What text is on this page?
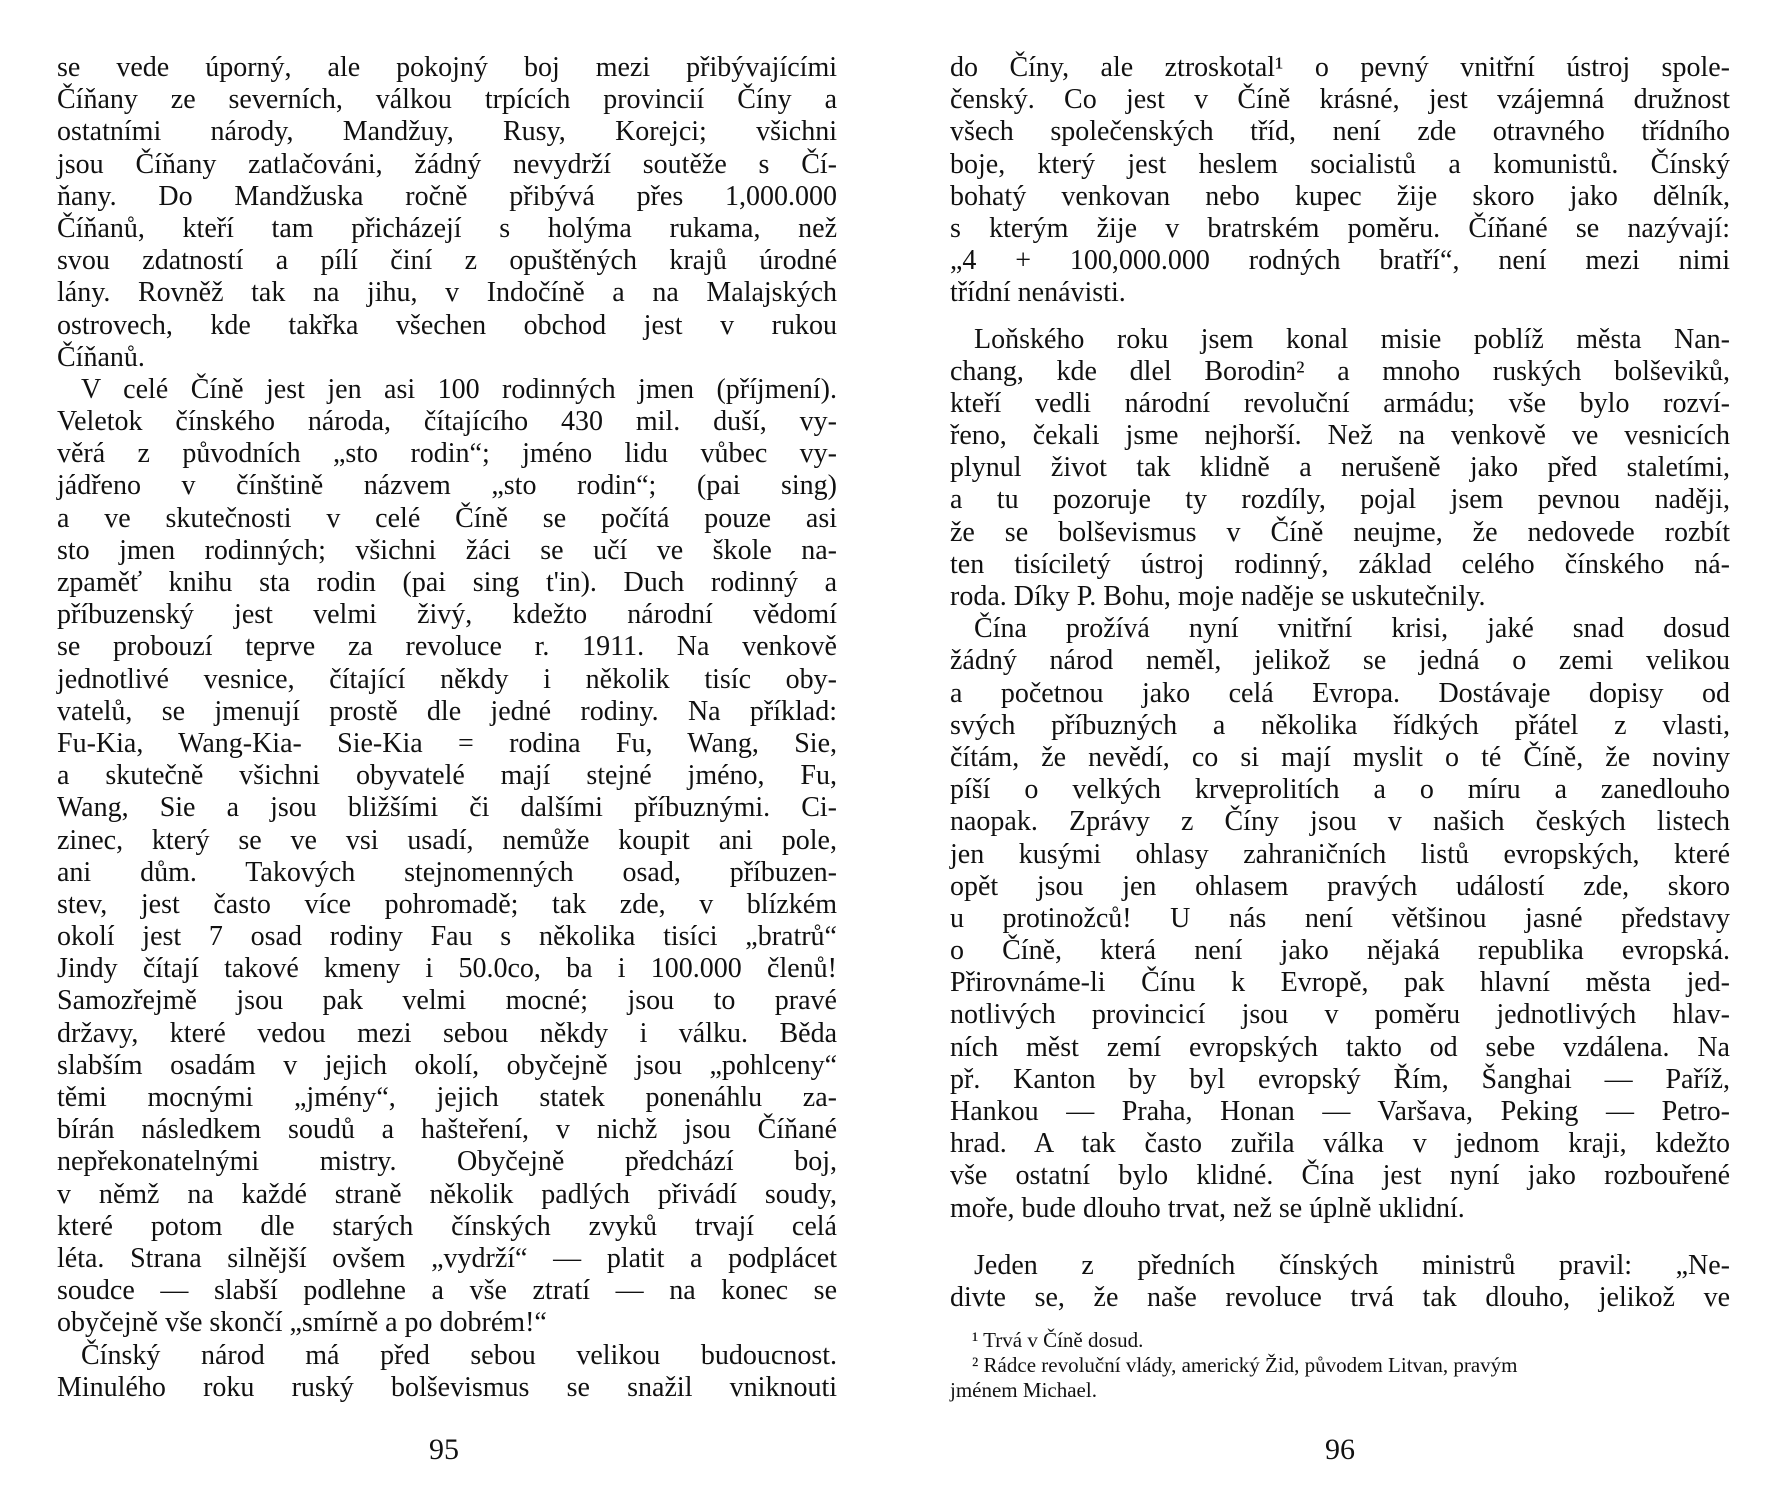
se vede úporný, ale pokojný boj mezi přibývajícími
Číňany ze severních, válkou trpících provincií Číny a
ostatními národy, Mandžuy, Rusy, Korejci; všichni
jsou Číňany zatlačováni, žádný nevydrží soutěže s Čí-
ňany. Do Mandžuska ročně přibývá přes 1,000.000
Číňanů, kteří tam přicházejí s holýma rukama, než
svou zdatností a pílí činí z opuštěných krajů úrodné
lány. Rovněž tak na jihu, v Indočíně a na Malajských
ostrovech, kde takřka všechen obchod jest v rukou
Číňanů.
V celé Číně jest jen asi 100 rodinných jmen (příjmení).
Veletok čínského národa, čítajícího 430 mil. duší, vy-
věrá z původních „sto rodin“; jméno lidu vůbec vy-
jádřeno v čínštině názvem „sto rodin“; (pai sing)
a ve skutečnosti v celé Číně se počítá pouze asi
sto jmen rodinných; všichni žáci se učí ve škole na-
zpaměť knihu sta rodin (pai sing t'in). Duch rodinný a
příbuzenský jest velmi živý, kdežto národní vědomí
se probouzí teprve za revoluce r. 1911. Na venkově
jednotlivé vesnice, čítající někdy i několik tisíc oby-
vatelů, se jmenují prostě dle jedné rodiny. Na příklad:
Fu-Kia, Wang-Kia- Sie-Kia = rodina Fu, Wang, Sie,
a skutečně všichni obyvatelé mají stejné jméno, Fu,
Wang, Sie a jsou bližšími či dalšími příbuznými. Ci-
zinec, který se ve vsi usadí, nemůže koupit ani pole,
ani dům. Takových stejnomenných osad, příbuzen-
stev, jest často více pohromadě; tak zde, v blízkém
okolí jest 7 osad rodiny Fau s několika tisíci „bratrů“
Jindy čítají takové kmeny i 50.0co, ba i 100.000 členů!
Samozřejmě jsou pak velmi mocné; jsou to pravé
državy, které vedou mezi sebou někdy i válku. Běda
slabším osadám v jejich okolí, obyčejně jsou „pohlceny“
těmi mocnými „jmény“, jejich statek ponenáhlu za-
bírán následkem soudů a hašteření, v nichž jsou Číňané
nepřekonatelnými mistry. Obyčejně předchází boj,
v němž na každé straně několik padlých přivádí soudy,
které potom dle starých čínských zvyků trvají celá
léta. Strana silnější ovšem „vydrží“ — platit a podplácet
soudce — slabší podlehne a vše ztratí — na konec se
obyčejně vše skončí „smírně a po dobrém!“
Čínský národ má před sebou velikou budoucnost.
Minulého roku ruský bolševismus se snažil vniknouti
do Číny, ale ztroskotal¹ o pevný vnitřní ústroj spole-
čenský. Co jest v Číně krásné, jest vzájemná družnost
všech společenských tříd, není zde otravného třídního
boje, který jest heslem socialistů a komunistů. Čínský
bohatý venkovan nebo kupec žije skoro jako dělník,
s kterým žije v bratrském poměru. Číňané se nazývají:
„4 + 100,000.000 rodných bratří“, není mezi nimi
třídní nenávisti.
Loňského roku jsem konal misie poblíž města Nan-
chang, kde dlel Borodin² a mnoho ruských bolševiků,
kteří vedli národní revoluční armádu; vše bylo rozví-
řeno, čekali jsme nejhorší. Než na venkově ve vesnicích
plynul život tak klidně a nerušeně jako před staletími,
a tu pozoruje ty rozdíly, pojal jsem pevnou naději,
že se bolševismus v Číně neujme, že nedovede rozbít
ten tisíciletý ústroj rodinný, základ celého čínského ná-
roda. Díky P. Bohu, moje naděje se uskutečnily.
Čína prožívá nyní vnitřní krisi, jaké snad dosud
žádný národ neměl, jelikož se jedná o zemi velikou
a početnou jako celá Evropa. Dostávaje dopisy od
svých příbuzných a několika řídkých přátel z vlasti,
čítám, že nevědí, co si mají myslit o té Číně, že noviny
píší o velkých krveprolitích a o míru a zanedlouho
naopak. Zprávy z Číny jsou v našich českých listech
jen kusými ohlasy zahraničních listů evropských, které
opět jsou jen ohlasem pravých událostí zde, skoro
u protinožců! U nás není většinou jasné představy
o Číně, která není jako nějaká republika evropská.
Přirovnáme-li Čínu k Evropě, pak hlavní města jed-
notlivých provincicí jsou v poměru jednotlivých hlav-
ních měst zemí evropských takto od sebe vzdálena. Na
př. Kanton by byl evropský Řím, Šanghai — Paříž,
Hankou — Praha, Honan — Varšava, Peking — Petro-
hrad. A tak často zuřila válka v jednom kraji, kdežto
vše ostatní bylo klidné. Čína jest nyní jako rozbouřené
moře, bude dlouho trvat, než se úplně uklidní.
Jeden z předních čínských ministrů pravil: „Ne-
divte se, že naše revoluce trvá tak dlouho, jelikož ve
¹ Trvá v Číně dosud.
² Rádce revoluční vlády, americký Žid, původem Litvan, pravým
jménem Michael.
95	96
